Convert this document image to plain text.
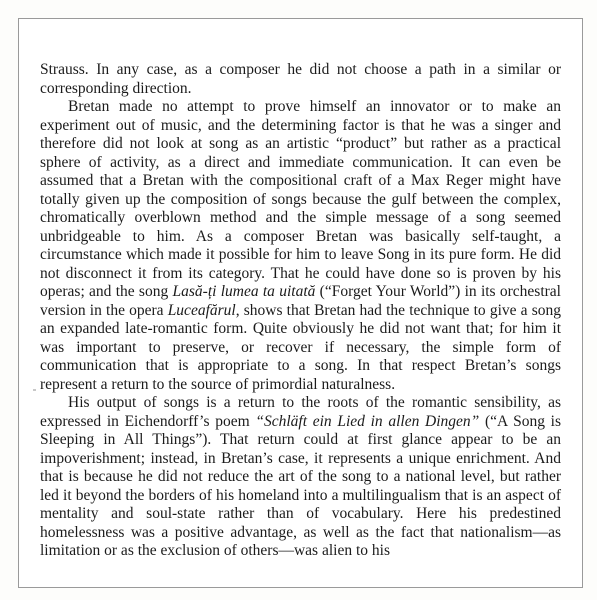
Strauss. In any case, as a composer he did not choose a path in a similar or corresponding direction.

Bretan made no attempt to prove himself an innovator or to make an experiment out of music, and the determining factor is that he was a singer and therefore did not look at song as an artistic “product” but rather as a practical sphere of activity, as a direct and immediate communication. It can even be assumed that a Bretan with the compositional craft of a Max Reger might have totally given up the composition of songs because the gulf between the complex, chromatically overblown method and the simple message of a song seemed unbridgeable to him. As a composer Bretan was basically self-taught, a circumstance which made it possible for him to leave Song in its pure form. He did not disconnect it from its category. That he could have done so is proven by his operas; and the song Lasă-ți lumea ta uitată (“Forget Your World”) in its orchestral version in the opera Luceafărul, shows that Bretan had the technique to give a song an expanded late-romantic form. Quite obviously he did not want that; for him it was important to preserve, or recover if necessary, the simple form of communication that is appropriate to a song. In that respect Bretan’s songs represent a return to the source of primordial naturalness.

His output of songs is a return to the roots of the romantic sensibility, as expressed in Eichendorff’s poem “Schläft ein Lied in allen Dingen” (“A Song is Sleeping in All Things”). That return could at first glance appear to be an impoverishment; instead, in Bretan’s case, it represents a unique enrichment. And that is because he did not reduce the art of the song to a national level, but rather led it beyond the borders of his homeland into a multilingualism that is an aspect of mentality and soul-state rather than of vocabulary. Here his predestined homelessness was a positive advantage, as well as the fact that nationalism—as limitation or as the exclusion of others—was alien to his
